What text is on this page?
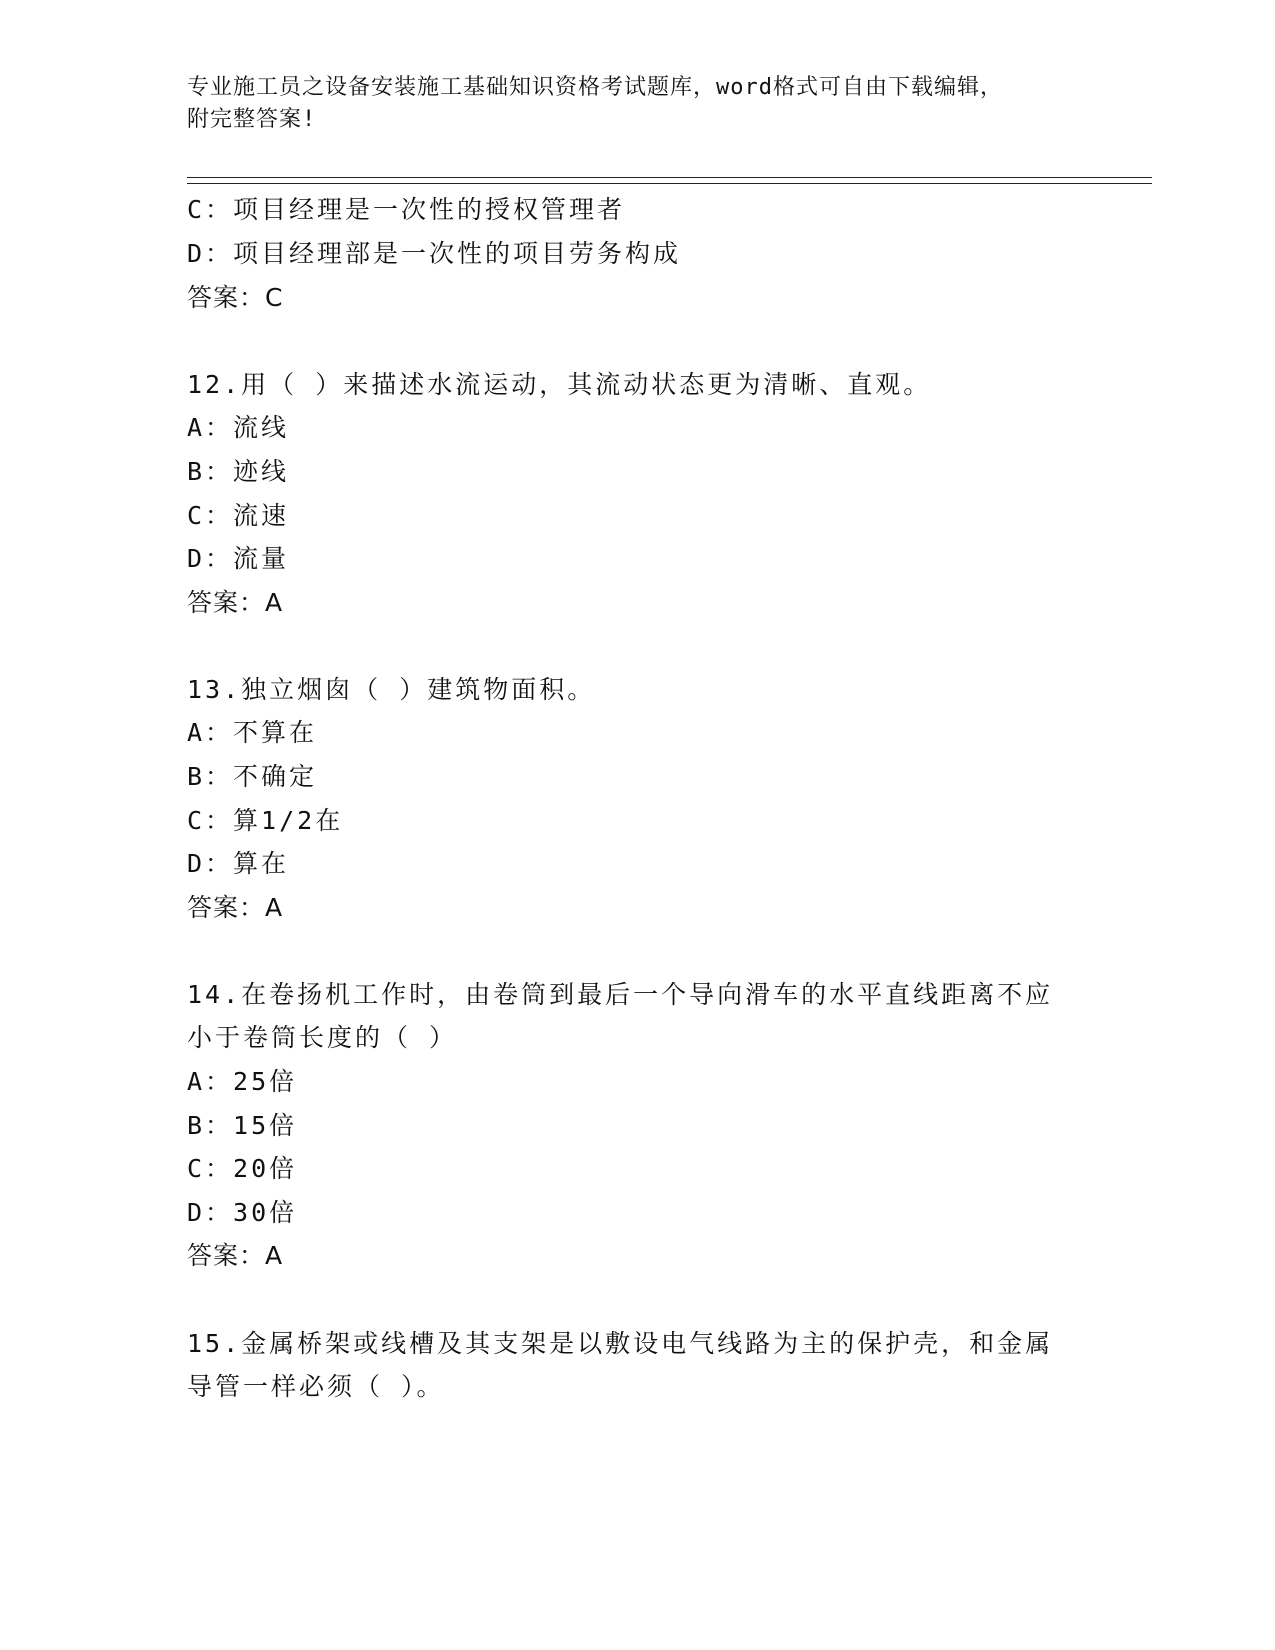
专业施工员之设备安装施工基础知识资格考试题库，word格式可自由下载编辑，
附完整答案!
C：项目经理是一次性的授权管理者
D：项目经理部是一次性的项目劳务构成
答案：C
12.用（ ）来描述水流运动，其流动状态更为清晰、直观。
A：流线
B：迹线
C：流速
D：流量
答案：A
13.独立烟囱（ ）建筑物面积。
A：不算在
B：不确定
C：算1/2在
D：算在
答案：A
14.在卷扬机工作时，由卷筒到最后一个导向滑车的水平直线距离不应
小于卷筒长度的（ ）
A：25倍
B：15倍
C：20倍
D：30倍
答案：A
15.金属桥架或线槽及其支架是以敷设电气线路为主的保护壳，和金属
导管一样必须（ ）。
